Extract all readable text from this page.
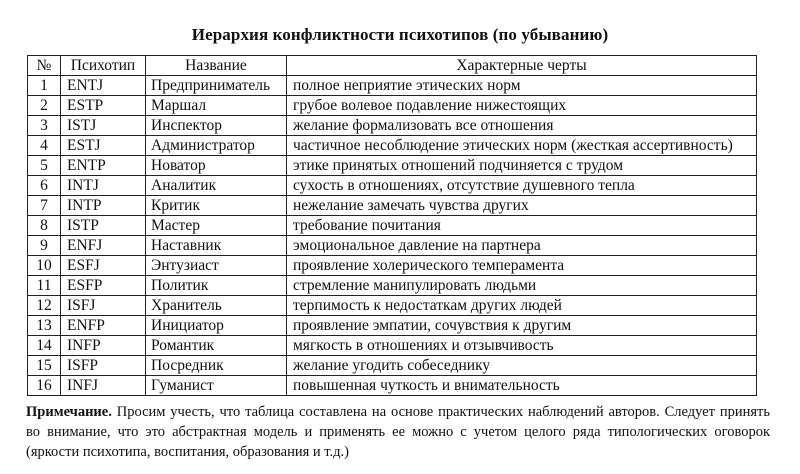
Иерархия конфликтности психотипов (по убыванию)
№	Психотип	Название	Характерные черты
1	ENTJ	Предприниматель	полное неприятие этических норм
2	ESTP	Маршал	грубое волевое подавление нижестоящих
3	ISTJ	Инспектор	желание формализовать все отношения
4	ESTJ	Администратор	частичное несоблюдение этических норм (жесткая ассертивность)
5	ENTP	Новатор	этике принятых отношений подчиняется с трудом
6	INTJ	Аналитик	сухость в отношениях, отсутствие душевного тепла
7	INTP	Критик	нежелание замечать чувства других
8	ISTP	Мастер	требование почитания
9	ENFJ	Наставник	эмоциональное давление на партнера
10	ESFJ	Энтузиаст	проявление холерического темперамента
11	ESFP	Политик	стремление манипулировать людьми
12	ISFJ	Хранитель	терпимость к недостаткам других людей
13	ENFP	Инициатор	проявление эмпатии, сочувствия к другим
14	INFP	Романтик	мягкость в отношениях и отзывчивость
15	ISFP	Посредник	желание угодить собеседнику
16	INFJ	Гуманист	повышенная чуткость и внимательность
Примечание. Просим учесть, что таблица составлена на основе практических наблюдений авторов. Следует принять во внимание, что это абстрактная модель и применять ее можно с учетом целого ряда типологических оговорок (яркости психотипа, воспитания, образования и т.д.)
